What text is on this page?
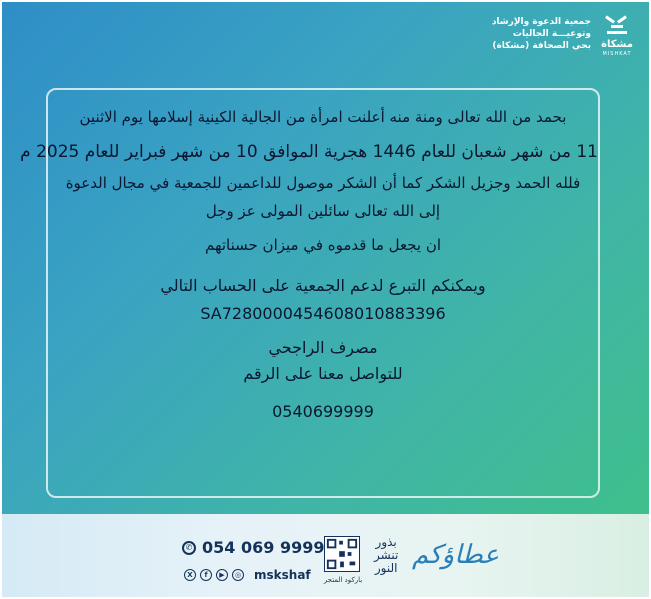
مشكاة
MISHKAT
جمعية الدعوة والإرشاد
وتوعيـــة الجاليات
بحي الصحافة (مشكاة)
بحمد من الله تعالى ومنة منه أعلنت امرأة من الجالية الكينية إسلامها يوم الاثنين
11 من شهر شعبان للعام 1446 هجرية الموافق 10 من شهر فبراير للعام 2025 م
فلله الحمد وجزيل الشكر كما أن الشكر موصول للداعمين للجمعية في مجال الدعوة
إلى الله تعالى سائلين المولى عز وجل
ان يجعل ما قدموه في ميزان حسناتهم
ويمكنكم التبرع لدعم الجمعية على الحساب التالي
SA7280000454608010883396
مصرف الراجحي
للتواصل معنا على الرقم
0540699999
✆ 054 069 9999
X	f	▶	◎ mskshaf	باركود المتجر
بذور
تنشر
النور عطاؤكم
